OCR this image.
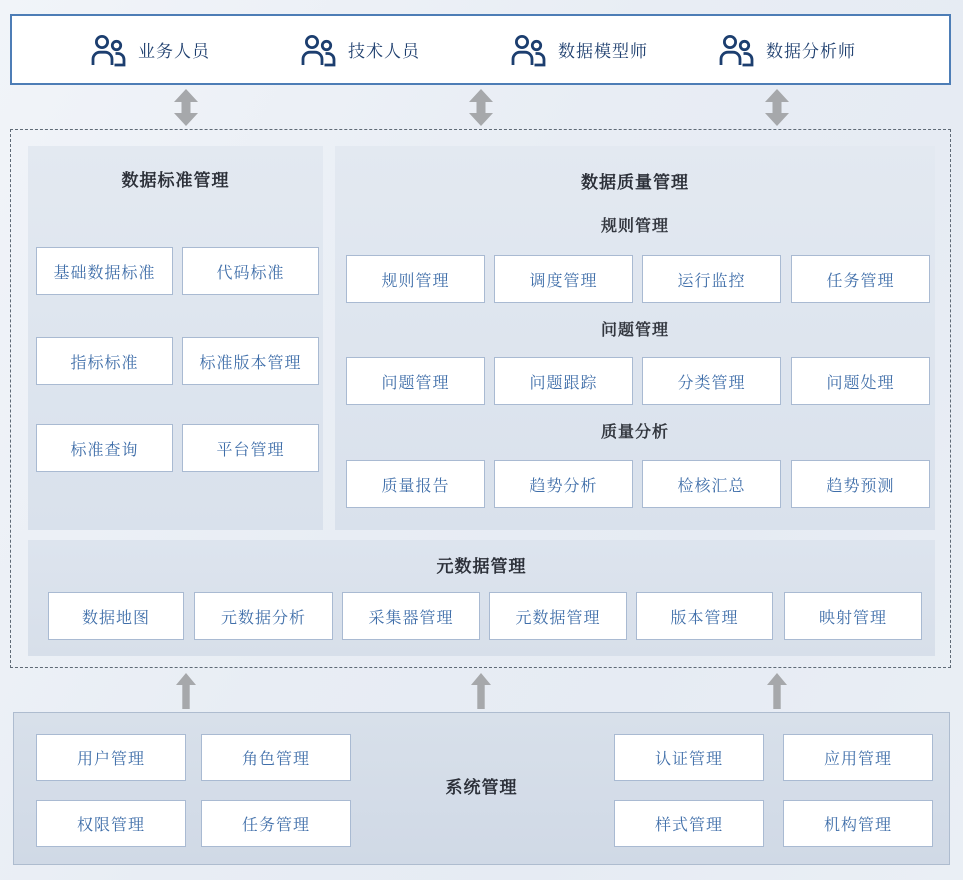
业务人员	技术人员	数据模型师	数据分析师
数据标准管理
基础数据标准	代码标准
指标标准	标准版本管理
标准查询	平台管理
数据质量管理
规则管理
规则管理	调度管理	运行监控	任务管理
问题管理
问题管理	问题跟踪	分类管理	问题处理
质量分析
质量报告	趋势分析	检核汇总	趋势预测
元数据管理
数据地图	元数据分析	采集器管理	元数据管理	版本管理	映射管理
系统管理
用户管理	角色管理
权限管理	任务管理
认证管理	应用管理
样式管理	机构管理
